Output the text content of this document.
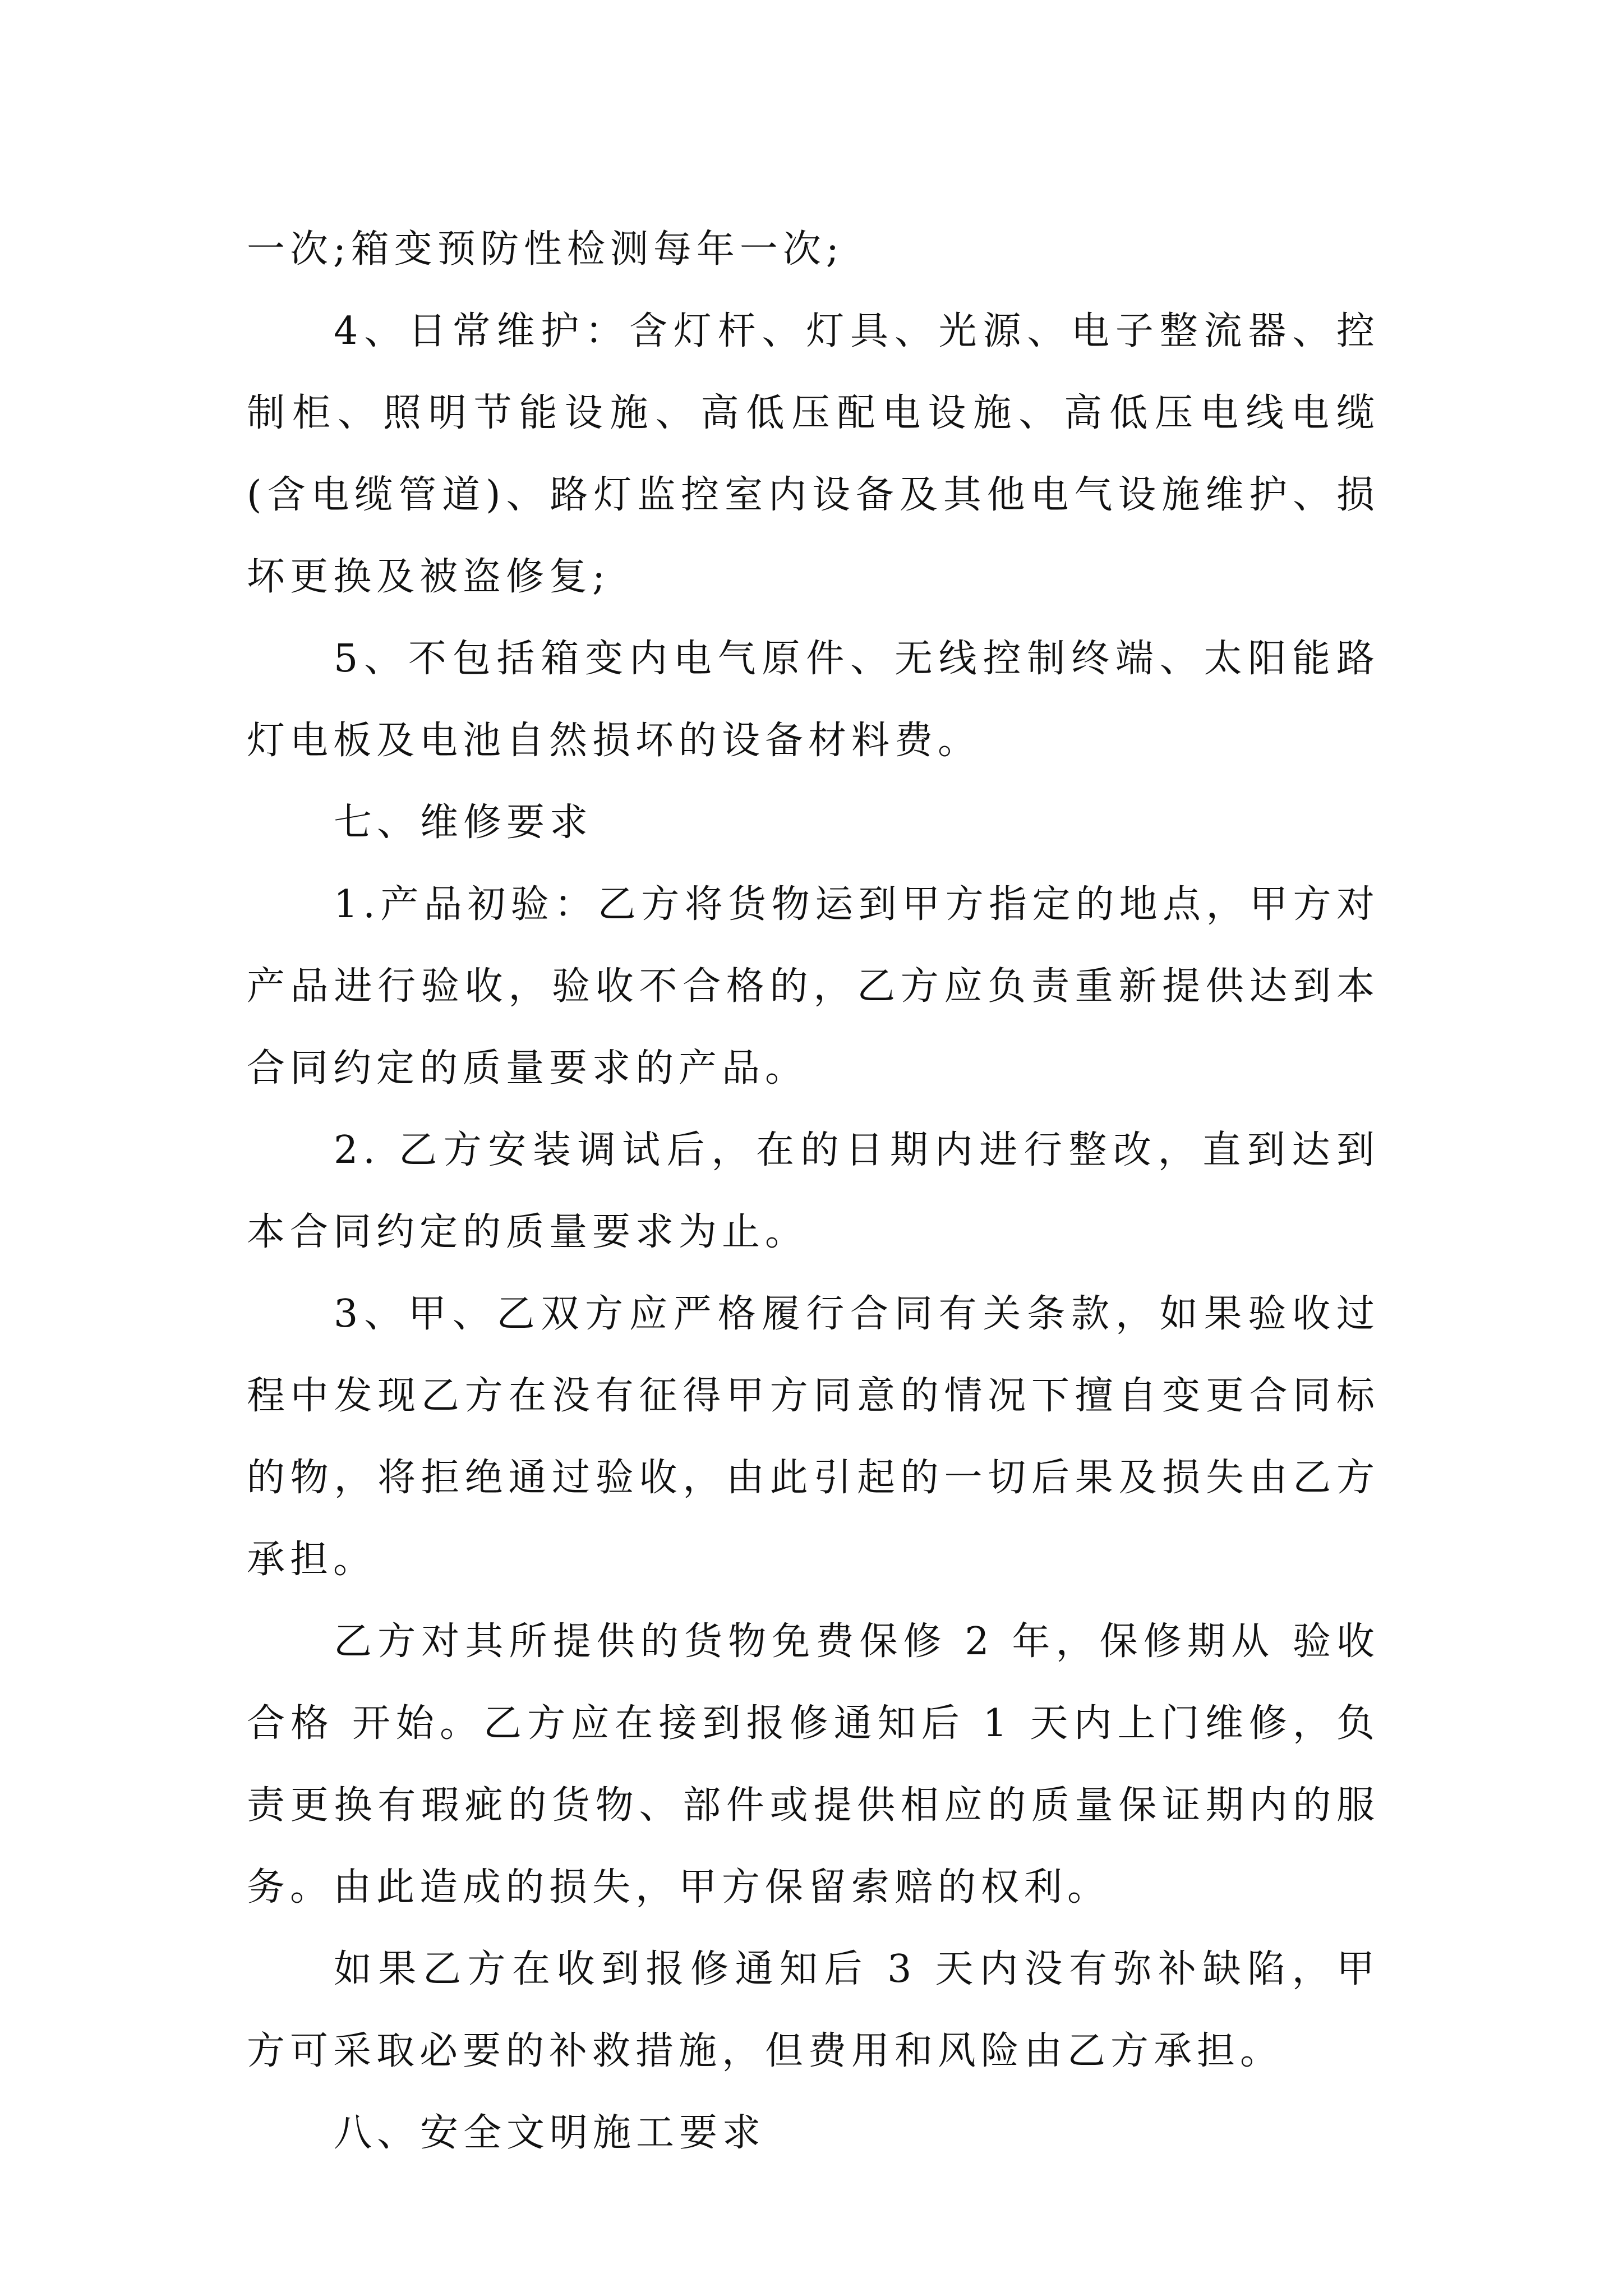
一次;箱变预防性检测每年一次;

4、日常维护：含灯杆、灯具、光源、电子整流器、控制柜、照明节能设施、高低压配电设施、高低压电线电缆(含电缆管道)、路灯监控室内设备及其他电气设施维护、损坏更换及被盗修复;

5、不包括箱变内电气原件、无线控制终端、太阳能路灯电板及电池自然损坏的设备材料费。

七、维修要求

1.产品初验：乙方将货物运到甲方指定的地点，甲方对产品进行验收，验收不合格的，乙方应负责重新提供达到本合同约定的质量要求的产品。

2. 乙方安装调试后，在的日期内进行整改，直到达到本合同约定的质量要求为止。

3、甲、乙双方应严格履行合同有关条款，如果验收过程中发现乙方在没有征得甲方同意的情况下擅自变更合同标的物，将拒绝通过验收，由此引起的一切后果及损失由乙方承担。

乙方对其所提供的货物免费保修 2 年，保修期从 验收合格 开始。乙方应在接到报修通知后 1 天内上门维修，负责更换有瑕疵的货物、部件或提供相应的质量保证期内的服务。由此造成的损失，甲方保留索赔的权利。

如果乙方在收到报修通知后 3 天内没有弥补缺陷，甲方可采取必要的补救措施，但费用和风险由乙方承担。

八、安全文明施工要求
